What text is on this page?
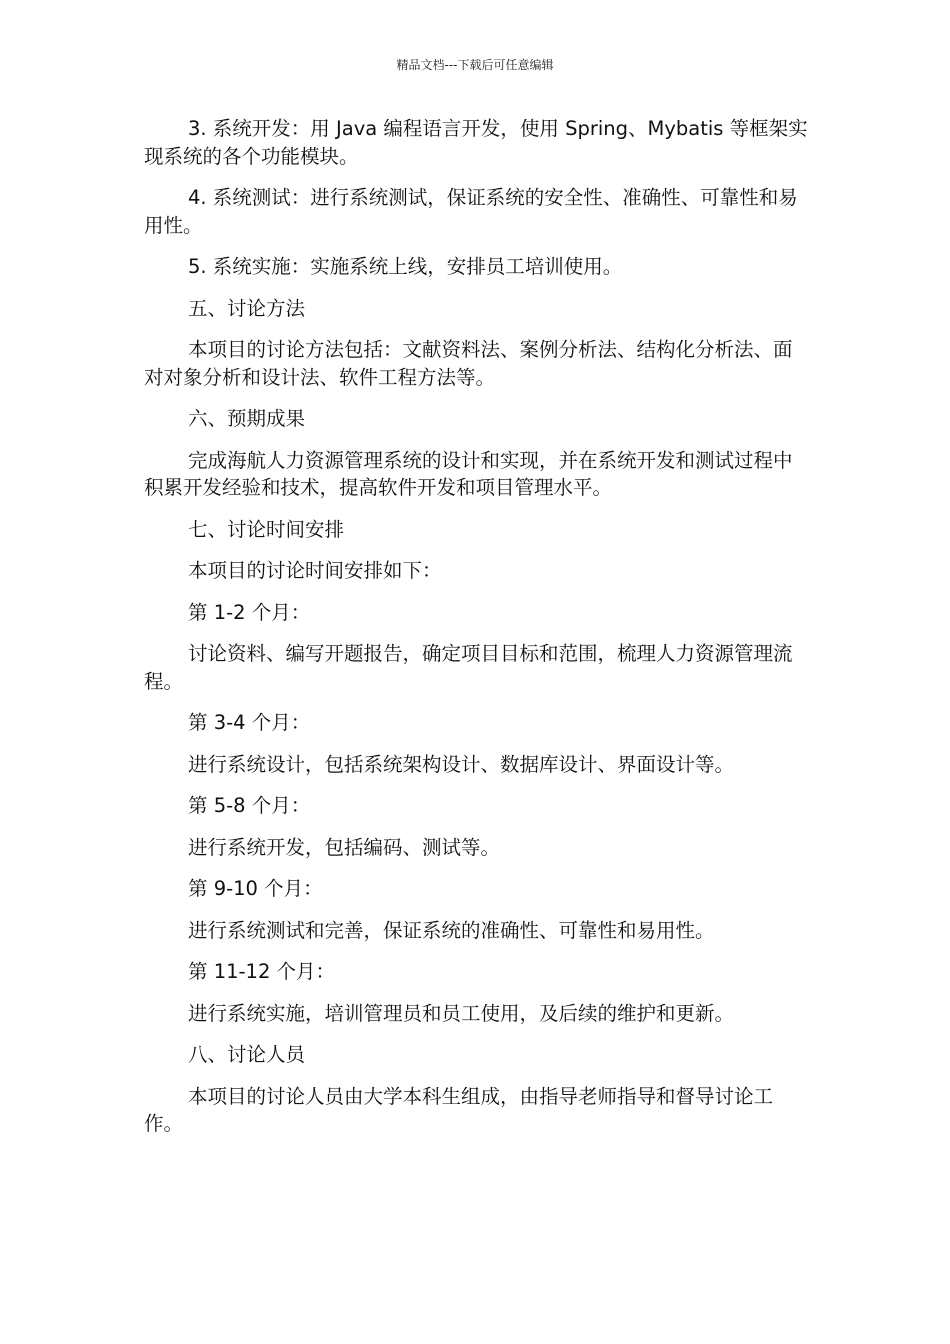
精品文档---下载后可任意编辑

3. 系统开发：用 Java 编程语言开发，使用 Spring、Mybatis 等框架实现系统的各个功能模块。

4. 系统测试：进行系统测试，保证系统的安全性、准确性、可靠性和易用性。

5. 系统实施：实施系统上线，安排员工培训使用。

五、讨论方法

本项目的讨论方法包括：文献资料法、案例分析法、结构化分析法、面对对象分析和设计法、软件工程方法等。

六、预期成果

完成海航人力资源管理系统的设计和实现，并在系统开发和测试过程中积累开发经验和技术，提高软件开发和项目管理水平。

七、讨论时间安排

本项目的讨论时间安排如下：

第 1-2 个月：

讨论资料、编写开题报告，确定项目目标和范围，梳理人力资源管理流程。

第 3-4 个月：

进行系统设计，包括系统架构设计、数据库设计、界面设计等。

第 5-8 个月：

进行系统开发，包括编码、测试等。

第 9-10 个月：

进行系统测试和完善，保证系统的准确性、可靠性和易用性。

第 11-12 个月：

进行系统实施，培训管理员和员工使用，及后续的维护和更新。

八、讨论人员

本项目的讨论人员由大学本科生组成，由指导老师指导和督导讨论工作。
